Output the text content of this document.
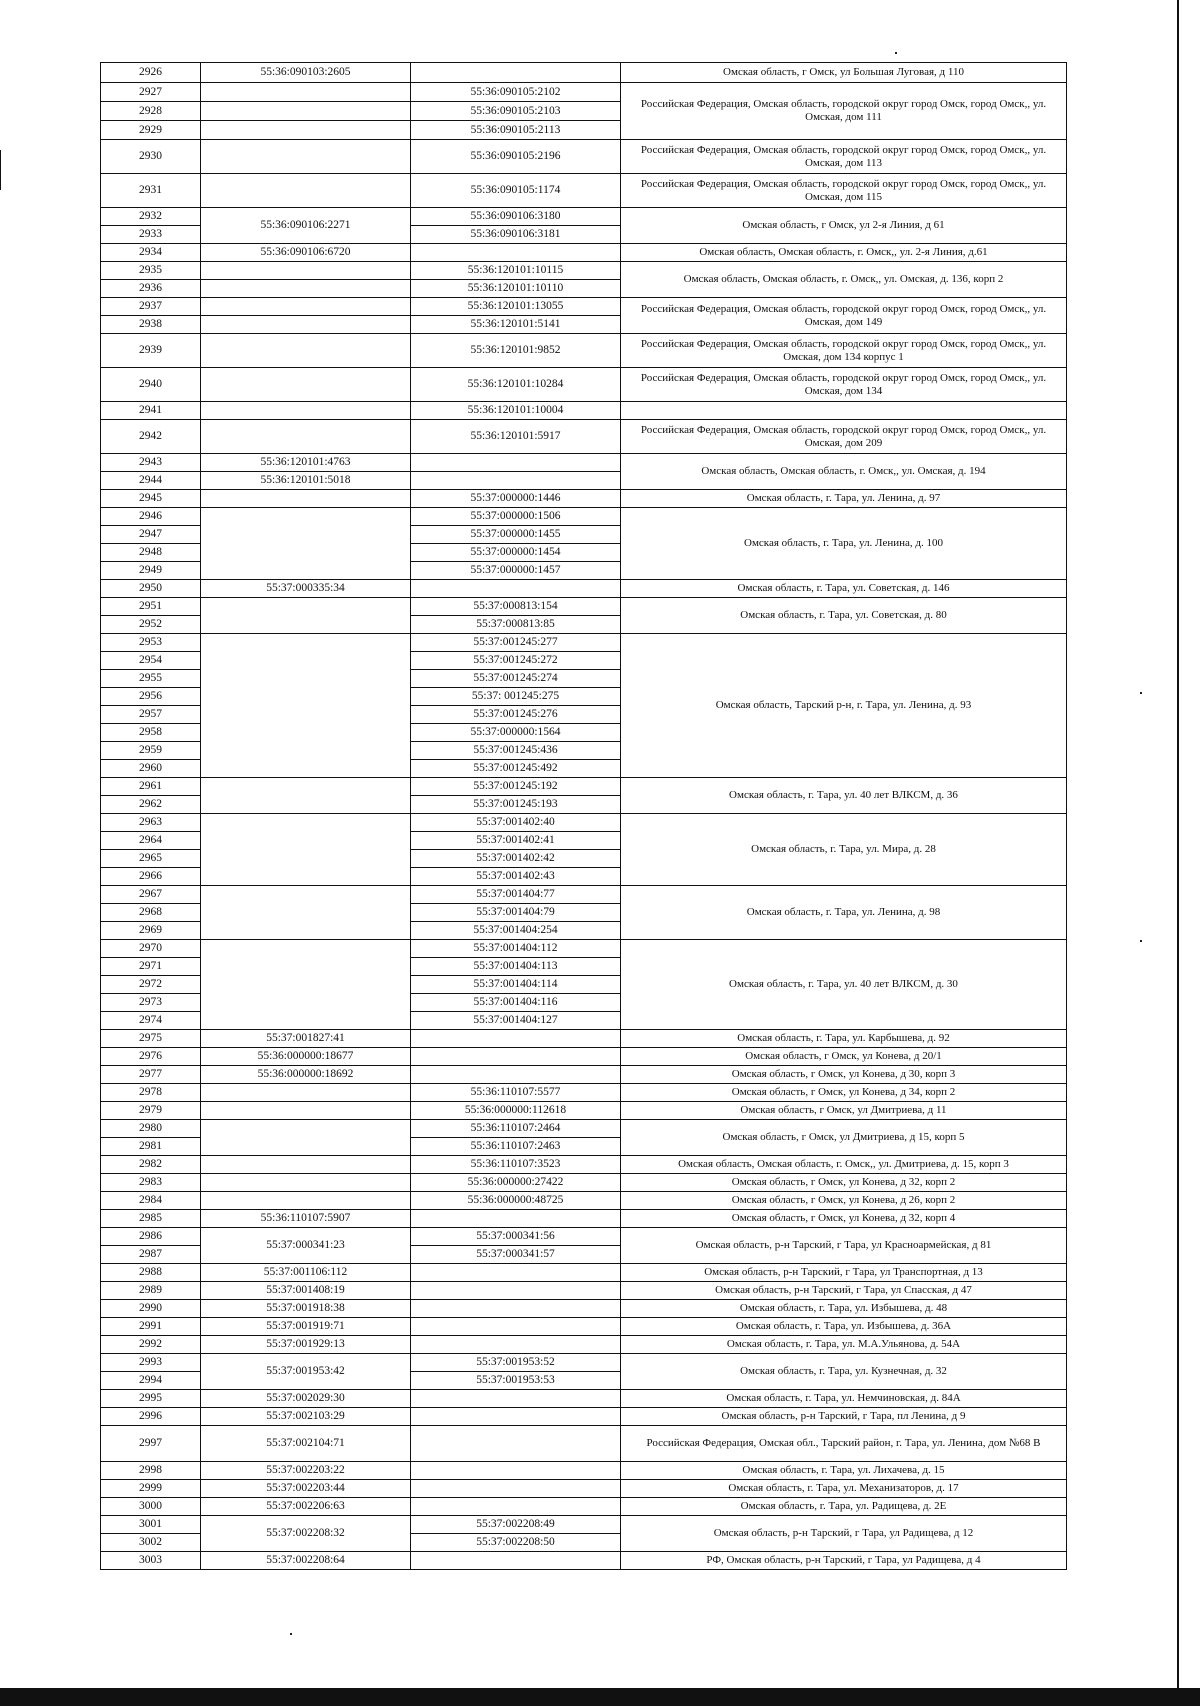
2926	55:36:090103:2605		Омская область, г Омск, ул Большая Луговая, д 110
2927		55:36:090105:2102	Российская Федерация, Омская область, городской округ город Омск, город Омск,, ул. Омская, дом 111
2928		55:36:090105:2103	
2929		55:36:090105:2113	
2930		55:36:090105:2196	Российская Федерация, Омская область, городской округ город Омск, город Омск,, ул. Омская, дом 113
2931		55:36:090105:1174	Российская Федерация, Омская область, городской округ город Омск, город Омск,, ул. Омская, дом 115
2932	55:36:090106:2271	55:36:090106:3180	Омская область, г Омск, ул 2-я Линия, д 61
2933		55:36:090106:3181	
2934	55:36:090106:6720		Омская область, Омская область, г. Омск,, ул. 2-я Линия, д.61
2935		55:36:120101:10115	Омская область, Омская область, г. Омск,, ул. Омская, д. 136, корп 2
2936		55:36:120101:10110	
2937		55:36:120101:13055	Российская Федерация, Омская область, городской округ город Омск, город Омск,, ул. Омская, дом 149
2938		55:36:120101:5141	
2939		55:36:120101:9852	Российская Федерация, Омская область, городской округ город Омск, город Омск,, ул. Омская, дом 134 корпус 1
2940		55:36:120101:10284	Российская Федерация, Омская область, городской округ город Омск, город Омск,, ул. Омская, дом 134
2941		55:36:120101:10004	
2942		55:36:120101:5917	Российская Федерация, Омская область, городской округ город Омск, город Омск,, ул. Омская, дом 209
2943	55:36:120101:4763		Омская область, Омская область, г. Омск,, ул. Омская, д. 194
2944	55:36:120101:5018		
2945		55:37:000000:1446	Омская область, г. Тара, ул. Ленина, д. 97
2946		55:37:000000:1506	Омская область, г. Тара, ул. Ленина, д. 100
2947		55:37:000000:1455	
2948		55:37:000000:1454	
2949		55:37:000000:1457	
2950	55:37:000335:34		Омская область, г. Тара, ул. Советская, д. 146
2951		55:37:000813:154	Омская область, г. Тара, ул. Советская, д. 80
2952		55:37:000813:85	
2953		55:37:001245:277	Омская область, Тарский р-н, г. Тара, ул. Ленина, д. 93
2954		55:37:001245:272	
2955		55:37:001245:274	
2956		55:37: 001245:275	
2957		55:37:001245:276	
2958		55:37:000000:1564	
2959		55:37:001245:436	
2960		55:37:001245:492	
2961		55:37:001245:192	Омская область, г. Тара, ул. 40 лет ВЛКСМ, д. 36
2962		55:37:001245:193	
2963		55:37:001402:40	Омская область, г. Тара, ул. Мира, д. 28
2964		55:37:001402:41	
2965		55:37:001402:42	
2966		55:37:001402:43	
2967		55:37:001404:77	Омская область, г. Тара, ул. Ленина, д. 98
2968		55:37:001404:79	
2969		55:37:001404:254	
2970		55:37:001404:112	Омская область, г. Тара, ул. 40 лет ВЛКСМ, д. 30
2971		55:37:001404:113	
2972		55:37:001404:114	
2973		55:37:001404:116	
2974		55:37:001404:127	
2975	55:37:001827:41		Омская область, г. Тара, ул. Карбышева, д. 92
2976	55:36:000000:18677		Омская область, г Омск, ул Конева, д 20/1
2977	55:36:000000:18692		Омская область, г Омск, ул Конева, д 30, корп 3
2978		55:36:110107:5577	Омская область, г Омск, ул Конева, д 34, корп 2
2979		55:36:000000:112618	Омская область, г Омск, ул Дмитриева, д 11
2980		55:36:110107:2464	Омская область, г Омск, ул Дмитриева, д 15, корп 5
2981		55:36:110107:2463	
2982		55:36:110107:3523	Омская область, Омская область, г. Омск,, ул. Дмитриева, д. 15, корп 3
2983		55:36:000000:27422	Омская область, г Омск, ул Конева, д 32, корп 2
2984		55:36:000000:48725	Омская область, г Омск, ул Конева, д 26, корп 2
2985	55:36:110107:5907		Омская область, г Омск, ул Конева, д 32, корп 4
2986	55:37:000341:23	55:37:000341:56	Омская область, р-н Тарский, г Тара, ул Красноармейская, д 81
2987		55:37:000341:57	
2988	55:37:001106:112		Омская область, р-н Тарский, г Тара, ул Транспортная, д 13
2989	55:37:001408:19		Омская область, р-н Тарский, г Тара, ул Спасская, д 47
2990	55:37:001918:38		Омская область, г. Тара, ул. Избышева, д. 48
2991	55:37:001919:71		Омская область, г. Тара, ул. Избышева, д. 36А
2992	55:37:001929:13		Омская область, г. Тара, ул. М.А.Ульянова, д. 54А
2993	55:37:001953:42	55:37:001953:52	Омская область, г. Тара, ул. Кузнечная, д. 32
2994		55:37:001953:53	
2995	55:37:002029:30		Омская область, г. Тара, ул. Немчиновская, д. 84А
2996	55:37:002103:29		Омская область, р-н Тарский, г Тара, пл Ленина, д 9
2997	55:37:002104:71		Российская Федерация, Омская обл., Тарский район, г. Тара, ул. Ленина, дом №68 В
2998	55:37:002203:22		Омская область, г. Тара, ул. Лихачева, д. 15
2999	55:37:002203:44		Омская область, г. Тара, ул. Механизаторов, д. 17
3000	55:37:002206:63		Омская область, г. Тара, ул. Радищева, д. 2Е
3001	55:37:002208:32	55:37:002208:49	Омская область, р-н Тарский, г Тара, ул Радищева, д 12
3002		55:37:002208:50	
3003	55:37:002208:64		РФ, Омская область, р-н Тарский, г Тара, ул Радищева, д 4
